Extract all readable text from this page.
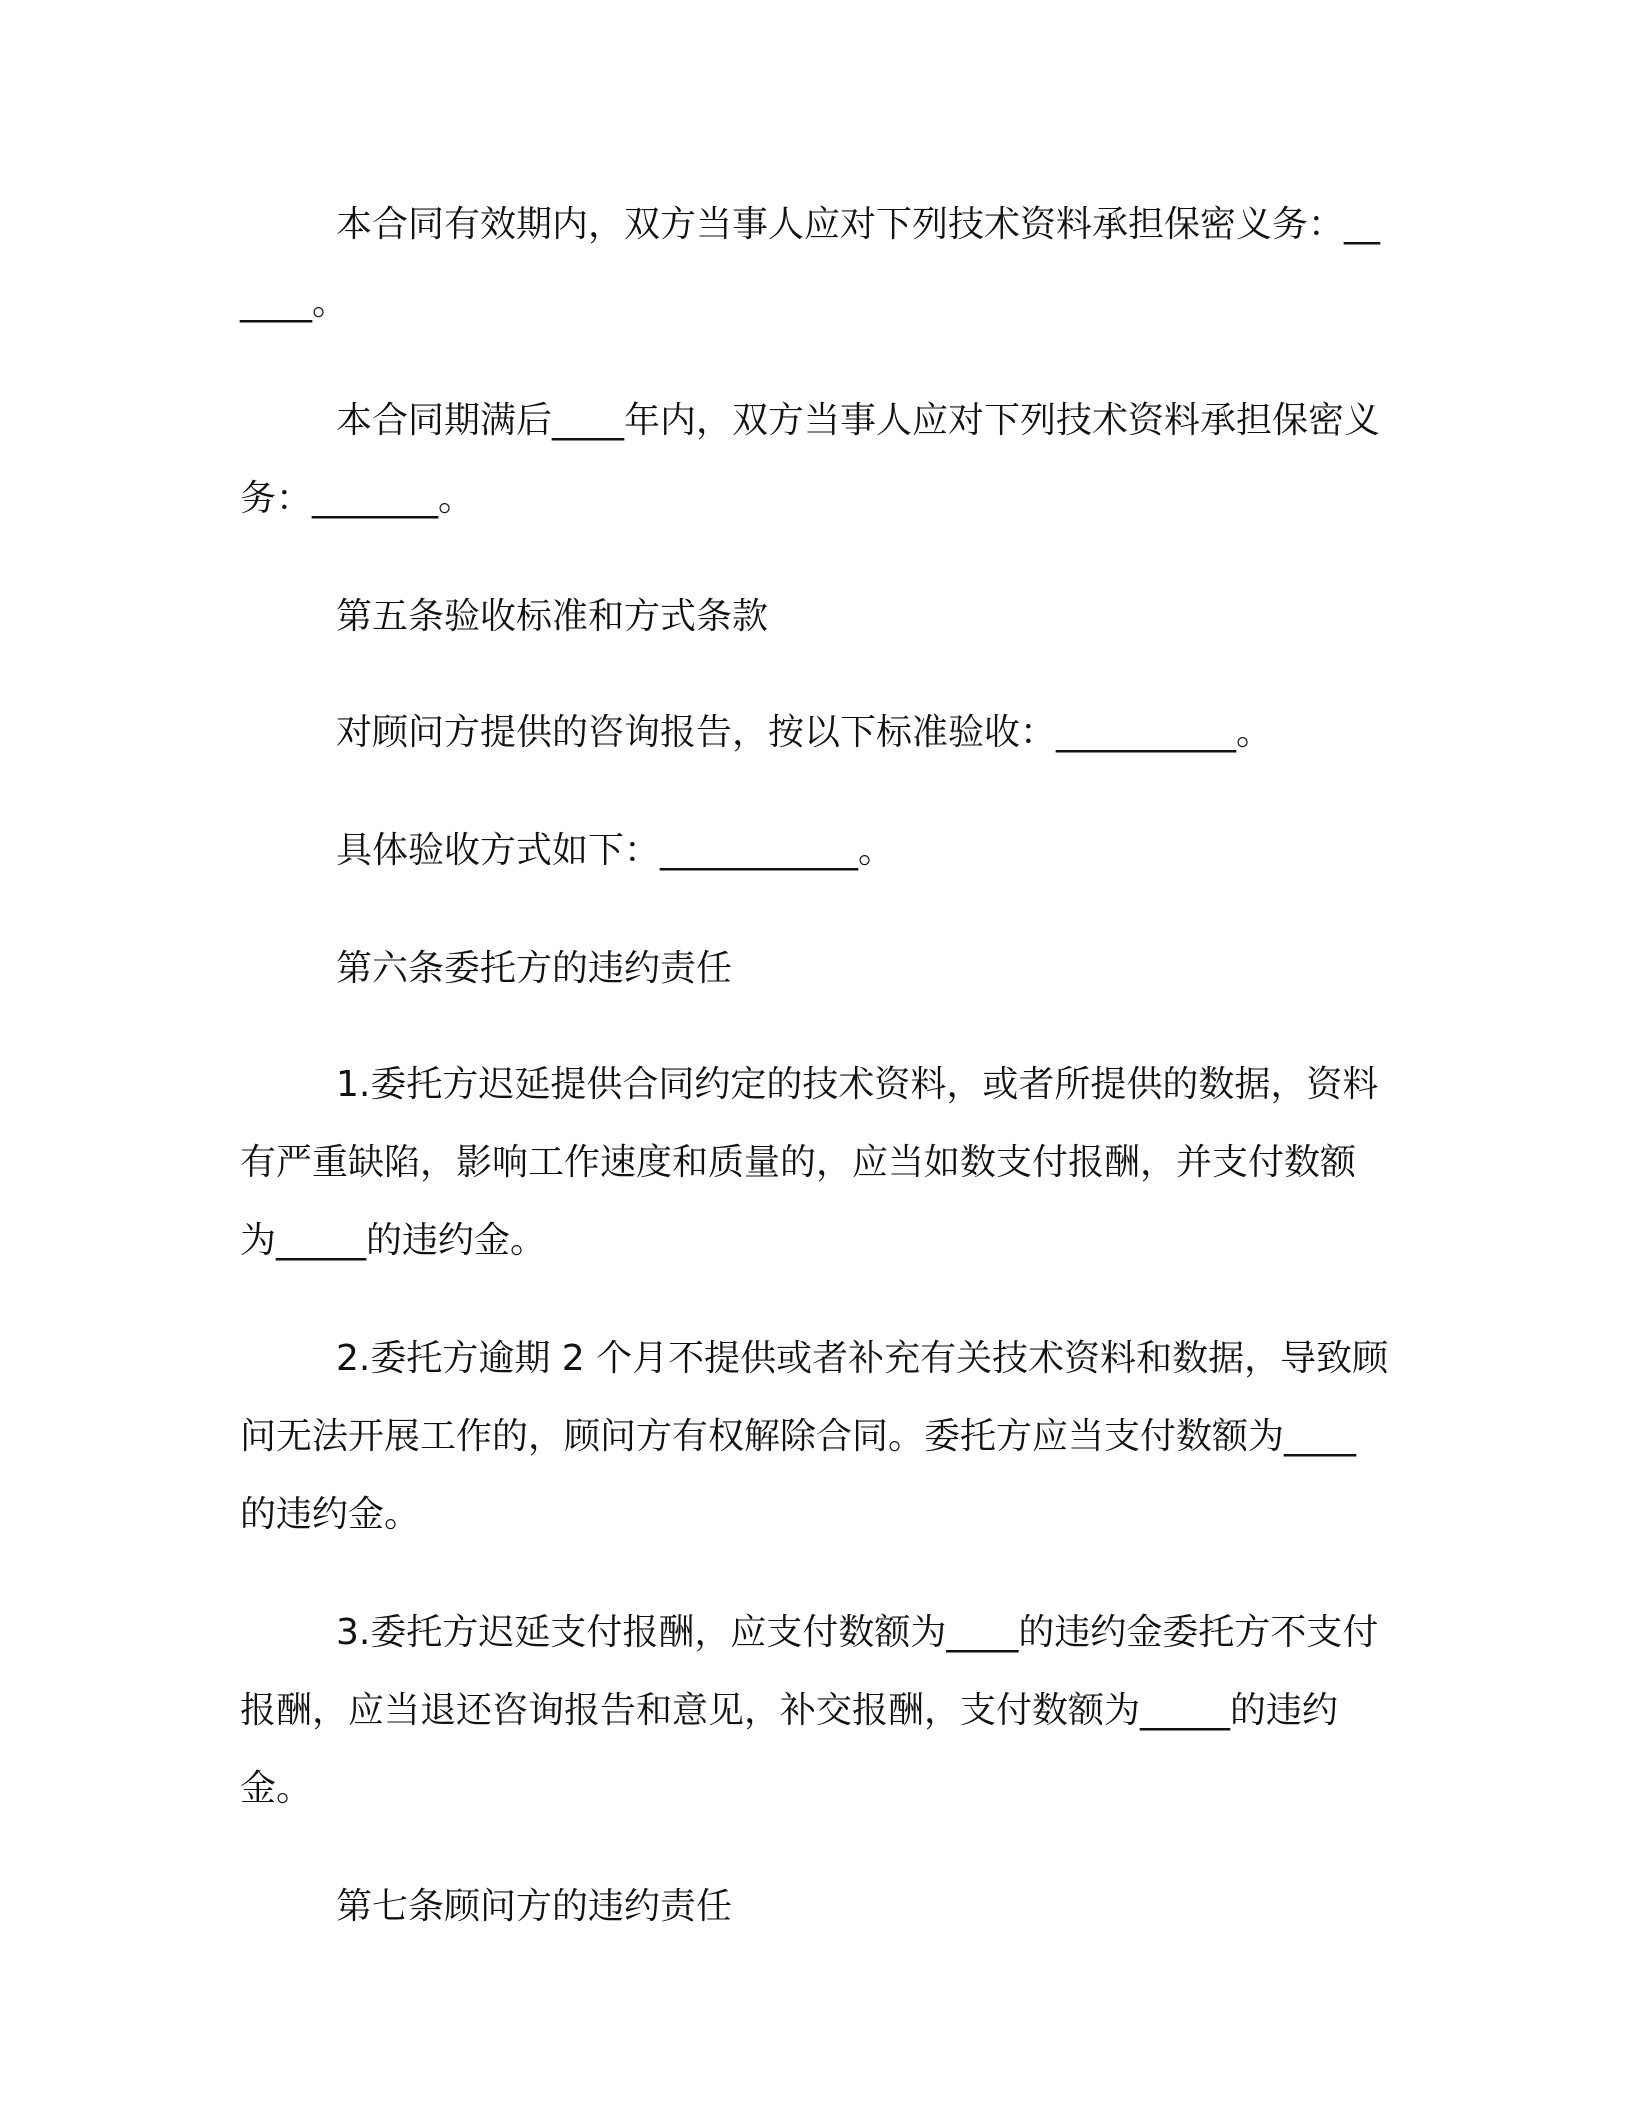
本合同有效期内，双方当事人应对下列技术资料承担保密义务：______。

本合同期满后____年内，双方当事人应对下列技术资料承担保密义务：_______。

第五条验收标准和方式条款

对顾问方提供的咨询报告，按以下标准验收：__________。

具体验收方式如下：___________。

第六条委托方的违约责任

1.委托方迟延提供合同约定的技术资料，或者所提供的数据，资料有严重缺陷，影响工作速度和质量的，应当如数支付报酬，并支付数额为_____的违约金。

2.委托方逾期 2 个月不提供或者补充有关技术资料和数据，导致顾问无法开展工作的，顾问方有权解除合同。委托方应当支付数额为____的违约金。

3.委托方迟延支付报酬，应支付数额为____的违约金委托方不支付报酬，应当退还咨询报告和意见，补交报酬，支付数额为_____的违约金。

第七条顾问方的违约责任
